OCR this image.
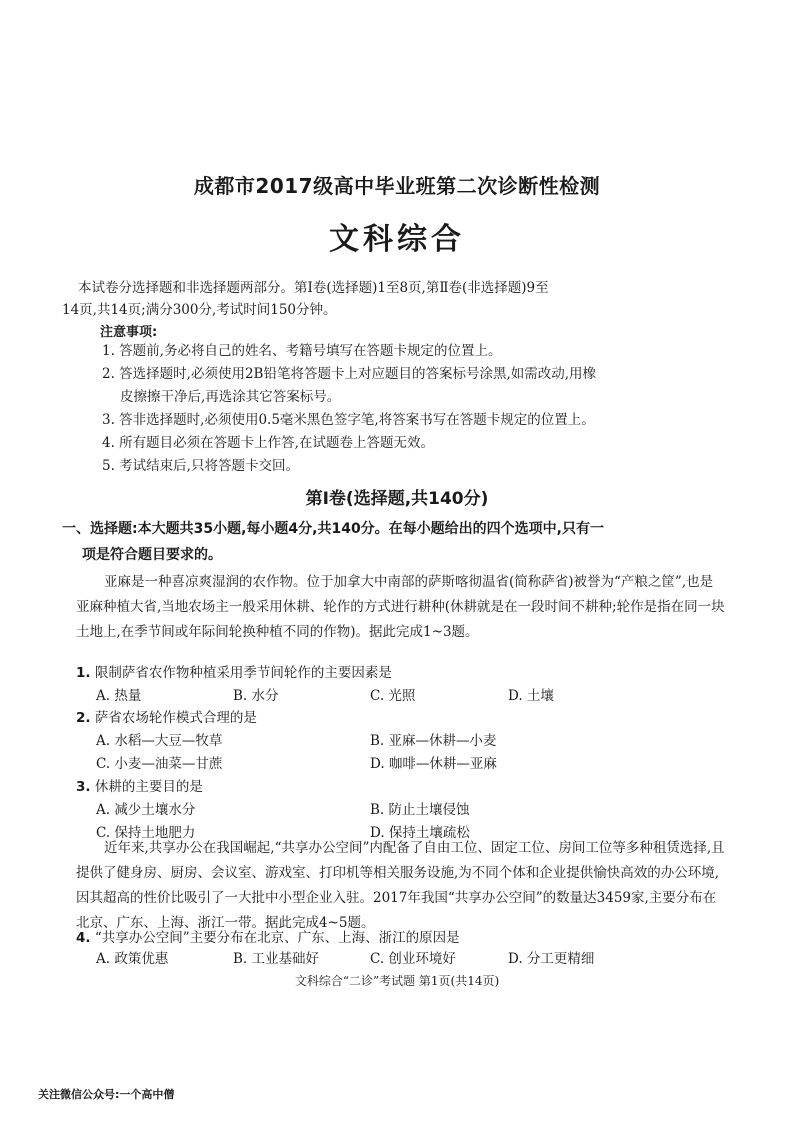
成都市2017级高中毕业班第二次诊断性检测
文科综合
本试卷分选择题和非选择题两部分。第Ⅰ卷(选择题)1至8页,第Ⅱ卷(非选择题)9至
14页,共14页;满分300分,考试时间150分钟。
注意事项:
1. 答题前,务必将自己的姓名、考籍号填写在答题卡规定的位置上。
2. 答选择题时,必须使用2B铅笔将答题卡上对应题目的答案标号涂黑,如需改动,用橡
皮擦擦干净后,再选涂其它答案标号。
3. 答非选择题时,必须使用0.5毫米黑色签字笔,将答案书写在答题卡规定的位置上。
4. 所有题目必须在答题卡上作答,在试题卷上答题无效。
5. 考试结束后,只将答题卡交回。
第Ⅰ卷(选择题,共140分)
一、选择题:本大题共35小题,每小题4分,共140分。在每小题给出的四个选项中,只有一
项是符合题目要求的。
亚麻是一种喜凉爽湿润的农作物。位于加拿大中南部的萨斯喀彻温省(简称萨省)被誉为“产粮之筐”,也是亚麻种植大省,当地农场主一般采用休耕、轮作的方式进行耕种(休耕就是在一段时间不耕种;轮作是指在同一块土地上,在季节间或年际间轮换种植不同的作物)。据此完成1~3题。
1. 限制萨省农作物种植采用季节间轮作的主要因素是
A. 热量	B. 水分	C. 光照	D. 土壤
2. 萨省农场轮作模式合理的是
A. 水稻—大豆—牧草	B. 亚麻—休耕—小麦
C. 小麦—油菜—甘蔗	D. 咖啡—休耕—亚麻
3. 休耕的主要目的是
A. 减少土壤水分	B. 防止土壤侵蚀
C. 保持土地肥力	D. 保持土壤疏松
近年来,共享办公在我国崛起,“共享办公空间”内配备了自由工位、固定工位、房间工位等多种租赁选择,且提供了健身房、厨房、会议室、游戏室、打印机等相关服务设施,为不同个体和企业提供愉快高效的办公环境,因其超高的性价比吸引了一大批中小型企业入驻。2017年我国“共享办公空间”的数量达3459家,主要分布在北京、广东、上海、浙江一带。据此完成4~5题。
4. “共享办公空间”主要分布在北京、广东、上海、浙江的原因是
A. 政策优惠	B. 工业基础好	C. 创业环境好	D. 分工更精细
文科综合“二诊”考试题 第1页(共14页)
关注微信公众号:一个高中僧
